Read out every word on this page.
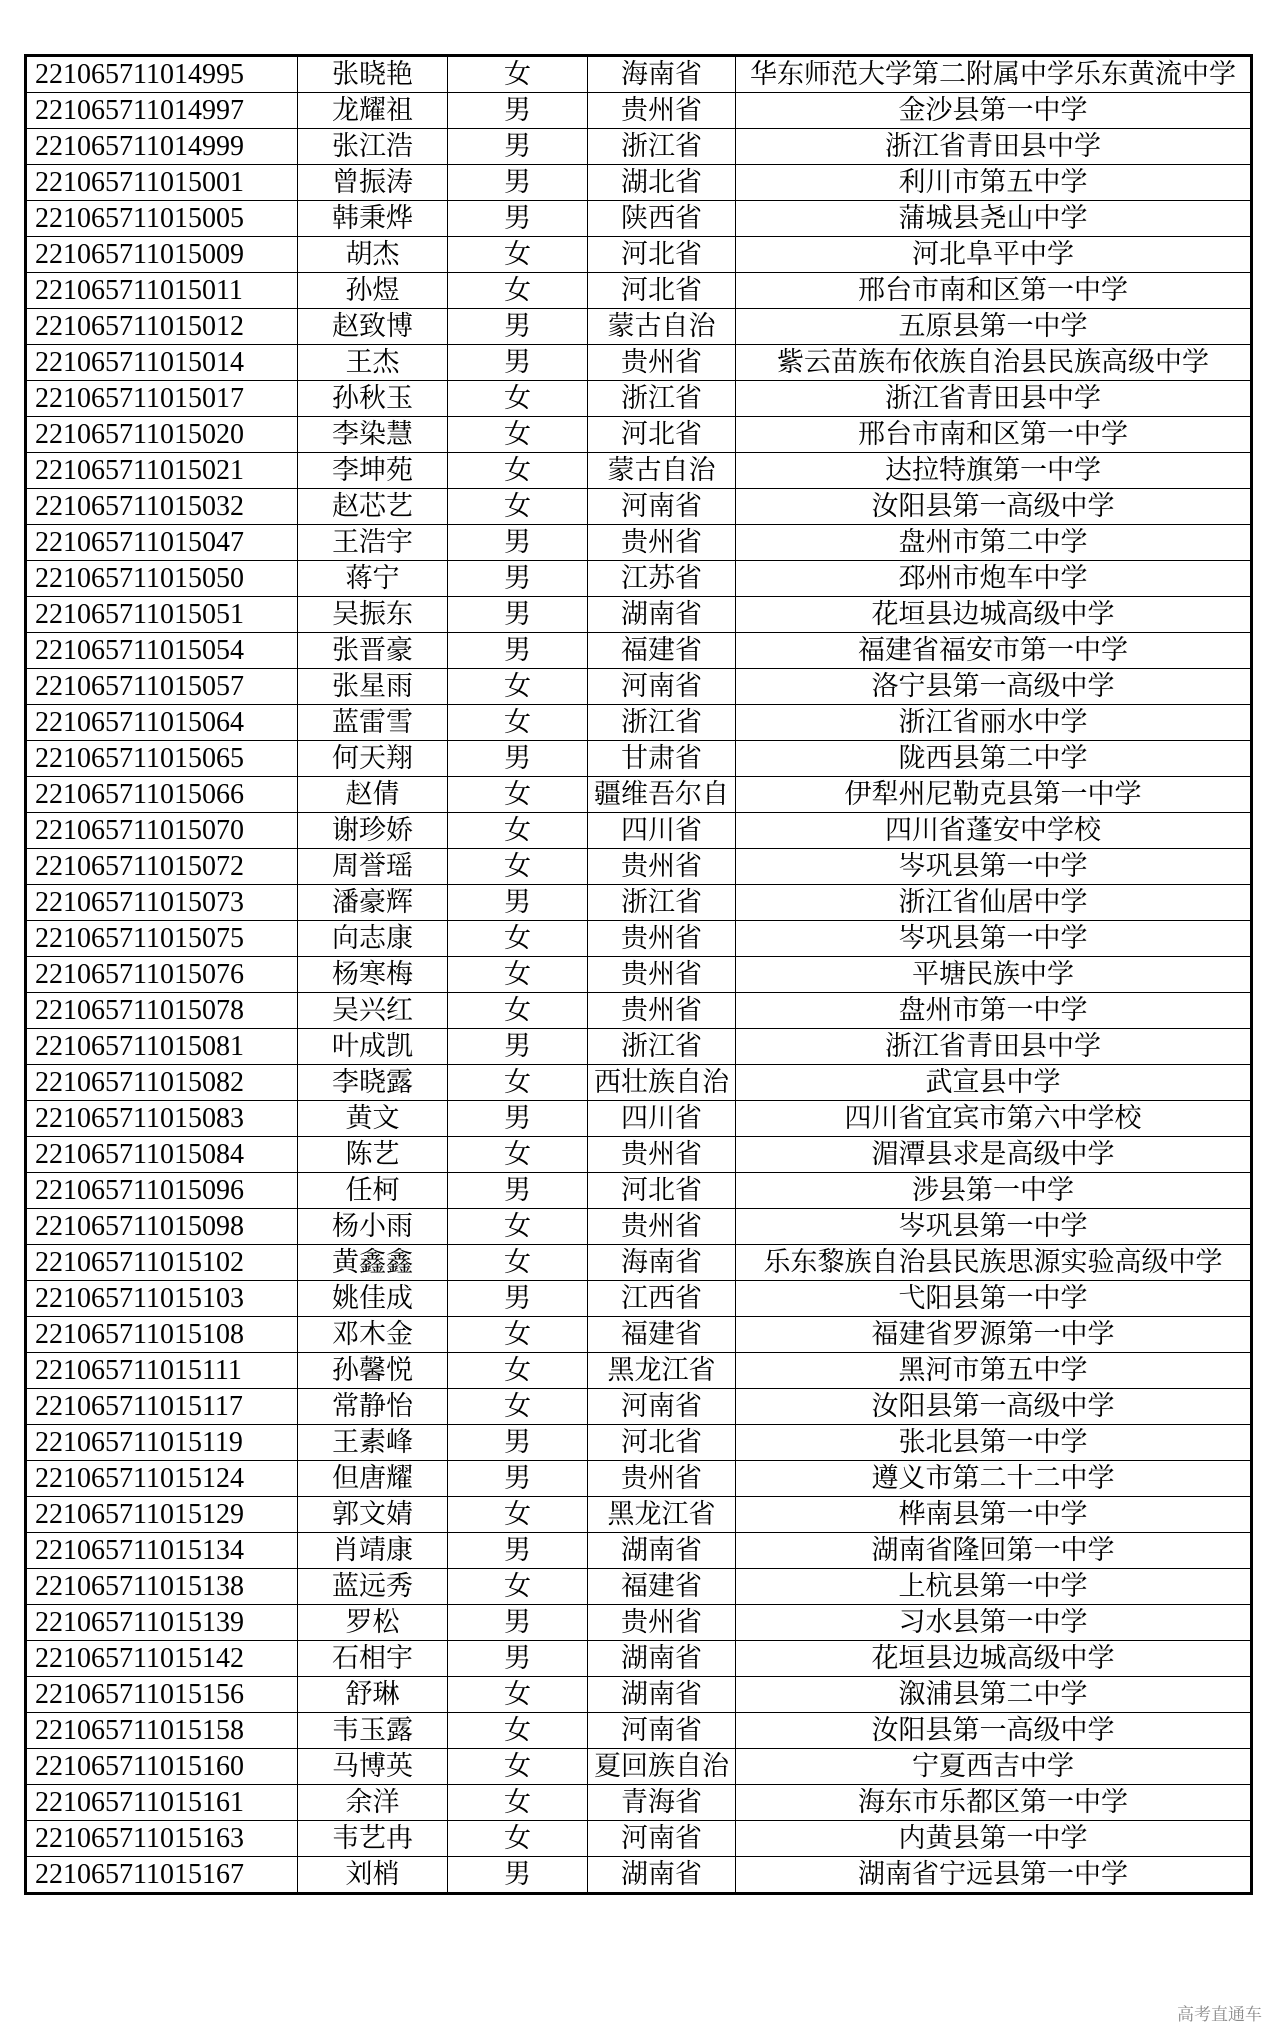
221065711014995	张晓艳	女	海南省	华东师范大学第二附属中学乐东黄流中学
221065711014997	龙耀祖	男	贵州省	金沙县第一中学
221065711014999	张江浩	男	浙江省	浙江省青田县中学
221065711015001	曾振涛	男	湖北省	利川市第五中学
221065711015005	韩秉烨	男	陕西省	蒲城县尧山中学
221065711015009	胡杰	女	河北省	河北阜平中学
221065711015011	孙煜	女	河北省	邢台市南和区第一中学
221065711015012	赵致博	男	蒙古自治	五原县第一中学
221065711015014	王杰	男	贵州省	紫云苗族布依族自治县民族高级中学
221065711015017	孙秋玉	女	浙江省	浙江省青田县中学
221065711015020	李染慧	女	河北省	邢台市南和区第一中学
221065711015021	李坤苑	女	蒙古自治	达拉特旗第一中学
221065711015032	赵芯艺	女	河南省	汝阳县第一高级中学
221065711015047	王浩宇	男	贵州省	盘州市第二中学
221065711015050	蒋宁	男	江苏省	邳州市炮车中学
221065711015051	吴振东	男	湖南省	花垣县边城高级中学
221065711015054	张晋豪	男	福建省	福建省福安市第一中学
221065711015057	张星雨	女	河南省	洛宁县第一高级中学
221065711015064	蓝雷雪	女	浙江省	浙江省丽水中学
221065711015065	何天翔	男	甘肃省	陇西县第二中学
221065711015066	赵倩	女	疆维吾尔自	伊犁州尼勒克县第一中学
221065711015070	谢珍娇	女	四川省	四川省蓬安中学校
221065711015072	周誉瑶	女	贵州省	岑巩县第一中学
221065711015073	潘豪辉	男	浙江省	浙江省仙居中学
221065711015075	向志康	女	贵州省	岑巩县第一中学
221065711015076	杨寒梅	女	贵州省	平塘民族中学
221065711015078	吴兴红	女	贵州省	盘州市第一中学
221065711015081	叶成凯	男	浙江省	浙江省青田县中学
221065711015082	李晓露	女	西壮族自治	武宣县中学
221065711015083	黄文	男	四川省	四川省宜宾市第六中学校
221065711015084	陈艺	女	贵州省	湄潭县求是高级中学
221065711015096	任柯	男	河北省	涉县第一中学
221065711015098	杨小雨	女	贵州省	岑巩县第一中学
221065711015102	黄鑫鑫	女	海南省	乐东黎族自治县民族思源实验高级中学
221065711015103	姚佳成	男	江西省	弋阳县第一中学
221065711015108	邓木金	女	福建省	福建省罗源第一中学
221065711015111	孙馨悦	女	黑龙江省	黑河市第五中学
221065711015117	常静怡	女	河南省	汝阳县第一高级中学
221065711015119	王素峰	男	河北省	张北县第一中学
221065711015124	但唐耀	男	贵州省	遵义市第二十二中学
221065711015129	郭文婧	女	黑龙江省	桦南县第一中学
221065711015134	肖靖康	男	湖南省	湖南省隆回第一中学
221065711015138	蓝远秀	女	福建省	上杭县第一中学
221065711015139	罗松	男	贵州省	习水县第一中学
221065711015142	石相宇	男	湖南省	花垣县边城高级中学
221065711015156	舒琳	女	湖南省	溆浦县第二中学
221065711015158	韦玉露	女	河南省	汝阳县第一高级中学
221065711015160	马博英	女	夏回族自治	宁夏西吉中学
221065711015161	余洋	女	青海省	海东市乐都区第一中学
221065711015163	韦艺冉	女	河南省	内黄县第一中学
221065711015167	刘梢	男	湖南省	湖南省宁远县第一中学
高考直通车
